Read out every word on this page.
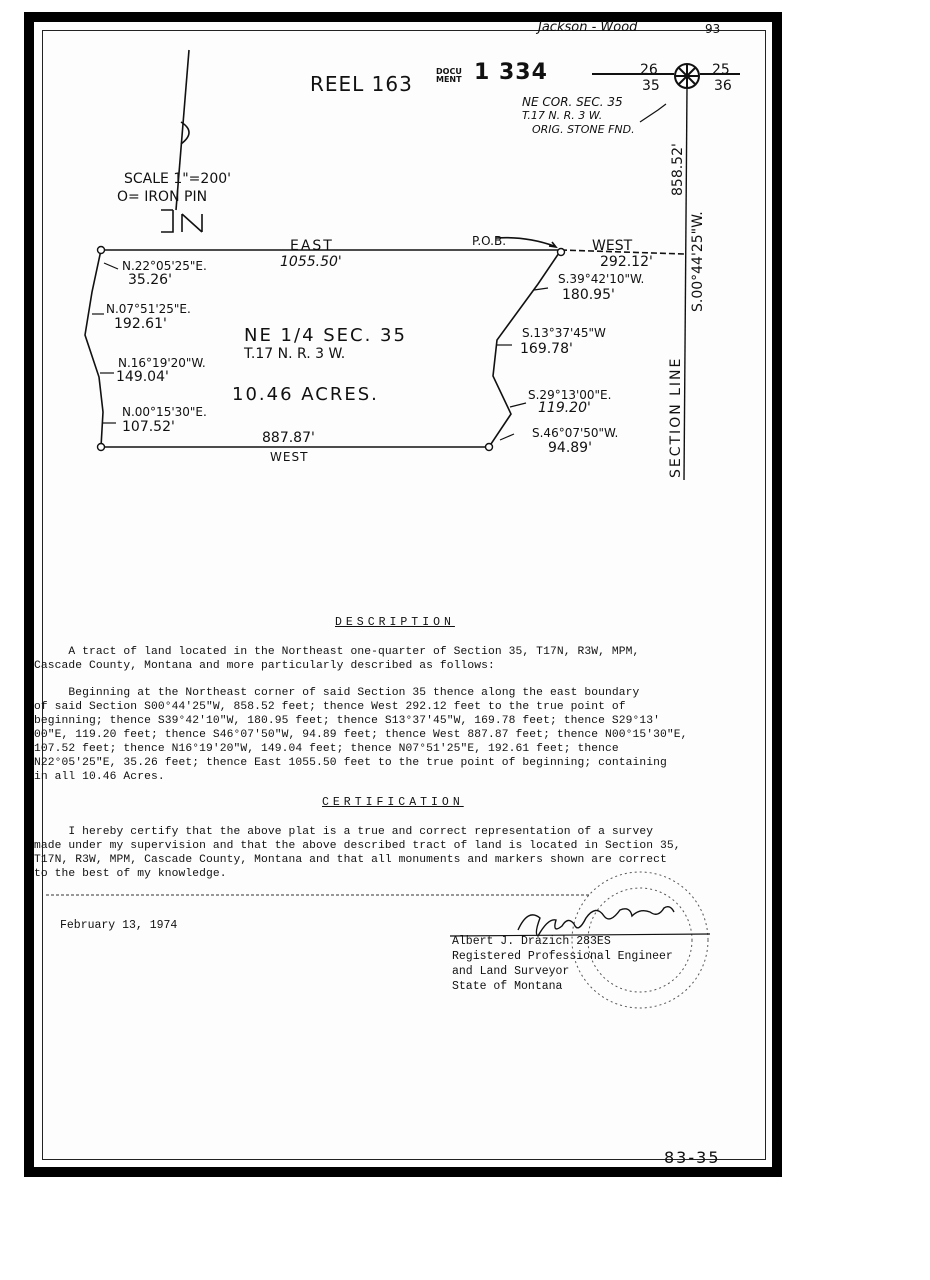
Jackson - Wood	93
REEL 163
DOCU MENT 1 334	26	25
35	36
NE COR. SEC. 35
T.17 N. R. 3 W.
ORIG. STONE FND.
SCALE 1"=200'
O= IRON PIN
EAST
1055.50'
P.O.B.	WEST
292.12'
SECTION LINE
S.00°44'25"W.
858.52'
S.39°42'10"W.
180.95'
S.13°37'45"W
169.78'
S.29°13'00"E.
119.20'
S.46°07'50"W.
94.89'
887.87'
WEST
N.22°05'25"E.
35.26'
N.07°51'25"E.
192.61'
N.16°19'20"W.
149.04'
N.00°15'30"E.
107.52'
NE 1/4 SEC. 35
T.17 N. R. 3 W.
10.46 ACRES.
DESCRIPTION
A tract of land located in the Northeast one-quarter of Section 35, T17N, R3W, MPM,
Cascade County, Montana and more particularly described as follows:
Beginning at the Northeast corner of said Section 35 thence along the east boundary
of said Section S00°44'25"W, 858.52 feet; thence West 292.12 feet to the true point of
beginning; thence S39°42'10"W, 180.95 feet; thence S13°37'45"W, 169.78 feet; thence S29°13'
00"E, 119.20 feet; thence S46°07'50"W, 94.89 feet; thence West 887.87 feet; thence N00°15'30"E,
107.52 feet; thence N16°19'20"W, 149.04 feet; thence N07°51'25"E, 192.61 feet; thence
N22°05'25"E, 35.26 feet; thence East 1055.50 feet to the true point of beginning; containing
in all 10.46 Acres.
CERTIFICATION
I hereby certify that the above plat is a true and correct representation of a survey
made under my supervision and that the above described tract of land is located in Section 35,
T17N, R3W, MPM, Cascade County, Montana and that all monuments and markers shown are correct
to the best of my knowledge.
February 13, 1974
Albert J. Drazich 283ES
Registered Professional Engineer
and Land Surveyor
State of Montana
83-35
